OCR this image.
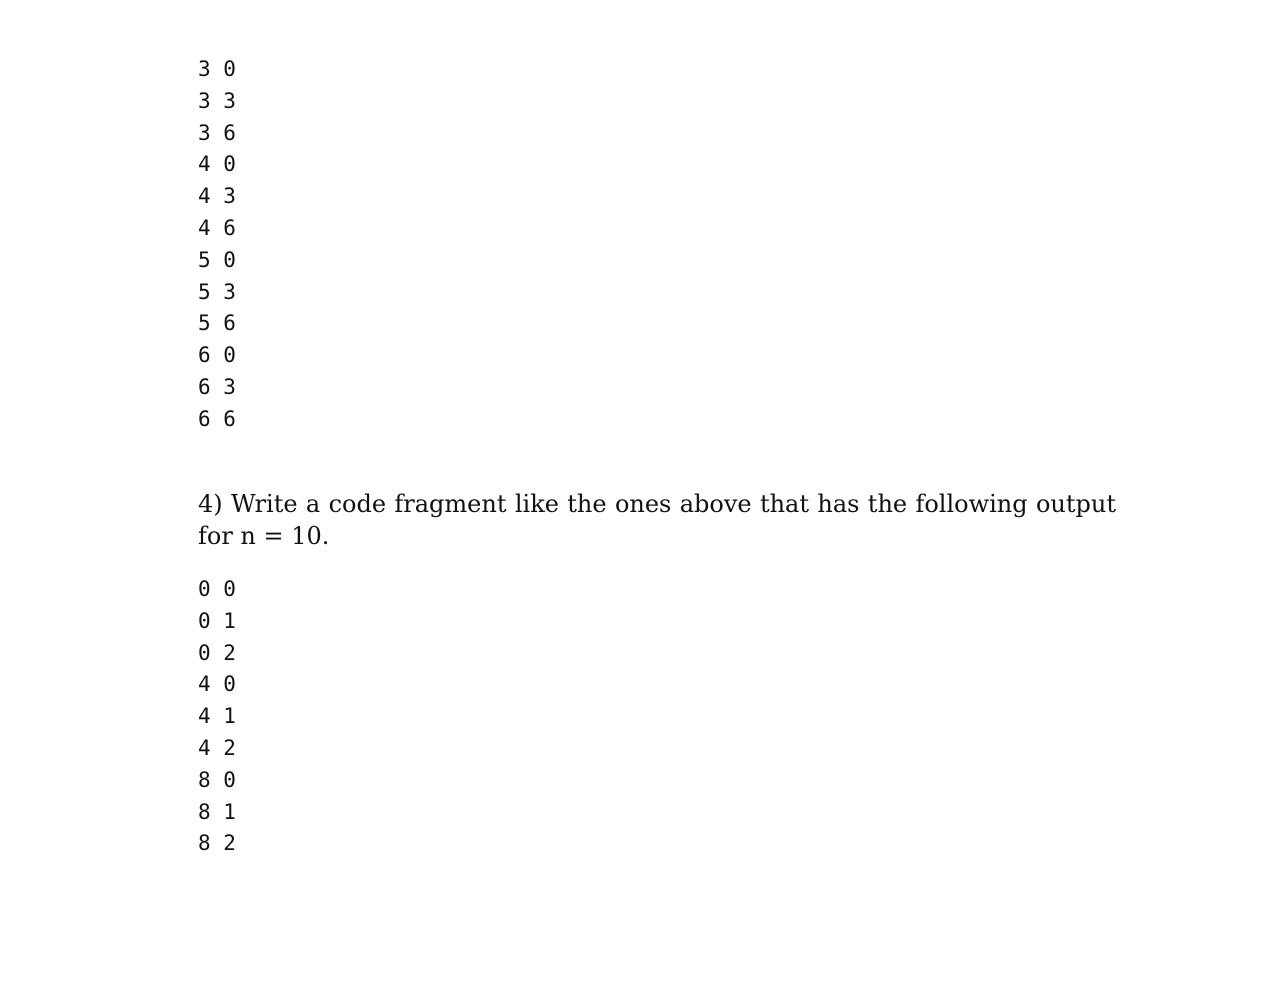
3 0
3 3
3 6
4 0
4 3
4 6
5 0
5 3
5 6
6 0
6 3
6 6

4) Write a code fragment like the ones above that has the following output for n = 10.

0 0
0 1
0 2
4 0
4 1
4 2
8 0
8 1
8 2
